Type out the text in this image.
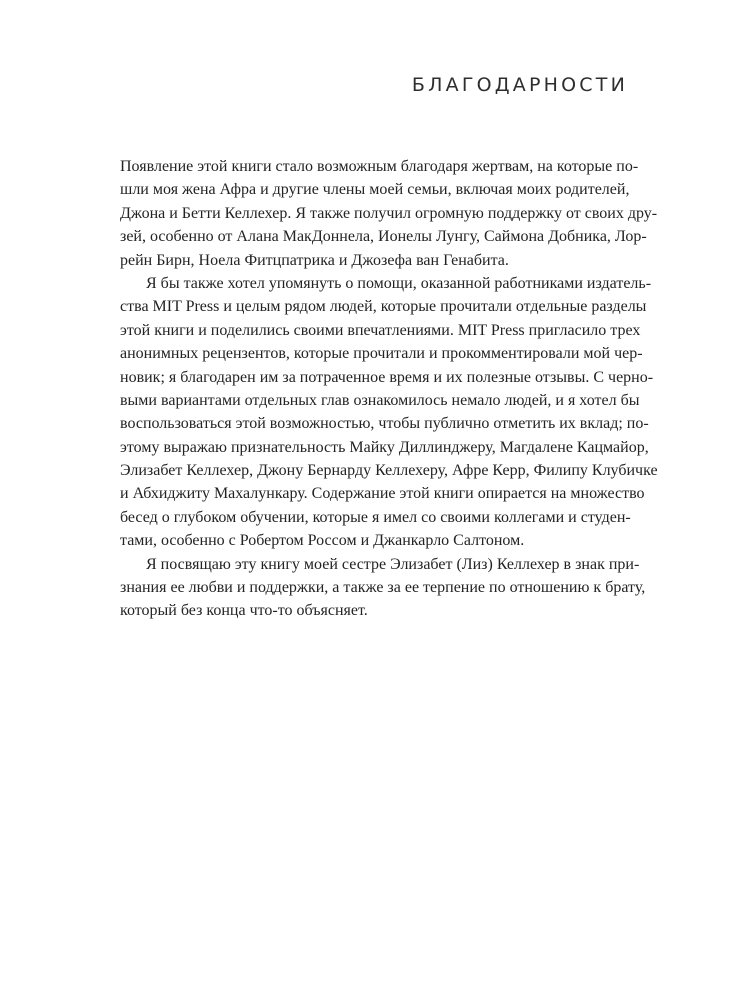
БЛАГОДАРНОСТИ
Появление этой книги стало возможным благодаря жертвам, на которые по-
шли моя жена Афра и другие члены моей семьи, включая моих родителей,
Джона и Бетти Келлехер. Я также получил огромную поддержку от своих дру-
зей, особенно от Алана МакДоннела, Ионелы Лунгу, Саймона Добника, Лор-
рейн Бирн, Ноела Фитцпатрика и Джозефа ван Генабита.
Я бы также хотел упомянуть о помощи, оказанной работниками издатель-
ства MIT Press и целым рядом людей, которые прочитали отдельные разделы
этой книги и поделились своими впечатлениями. MIT Press пригласило трех
анонимных рецензентов, которые прочитали и прокомментировали мой чер-
новик; я благодарен им за потраченное время и их полезные отзывы. С черно-
выми вариантами отдельных глав ознакомилось немало людей, и я хотел бы
воспользоваться этой возможностью, чтобы публично отметить их вклад; по-
этому выражаю признательность Майку Диллинджеру, Магдалене Кацмайор,
Элизабет Келлехер, Джону Бернарду Келлехеру, Афре Керр, Филипу Клубичке
и Абхиджиту Махалункару. Содержание этой книги опирается на множество
бесед о глубоком обучении, которые я имел со своими коллегами и студен-
тами, особенно с Робертом Россом и Джанкарло Салтоном.
Я посвящаю эту книгу моей сестре Элизабет (Лиз) Келлехер в знак при-
знания ее любви и поддержки, а также за ее терпение по отношению к брату,
который без конца что-то объясняет.
